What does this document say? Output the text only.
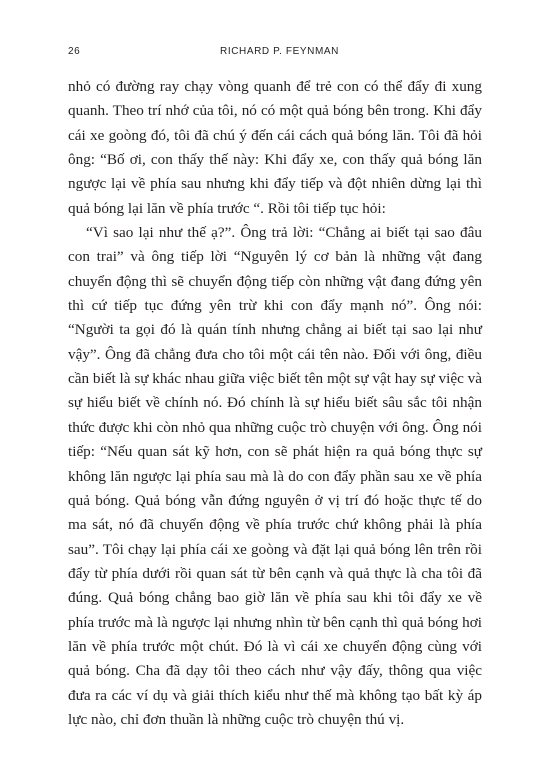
26	RICHARD P. FEYNMAN

nhỏ có đường ray chạy vòng quanh để trẻ con có thể đẩy đi xung quanh. Theo trí nhớ của tôi, nó có một quả bóng bên trong. Khi đẩy cái xe goòng đó, tôi đã chú ý đến cái cách quả bóng lăn. Tôi đã hỏi ông: “Bố ơi, con thấy thế này: Khi đẩy xe, con thấy quả bóng lăn ngược lại về phía sau nhưng khi đẩy tiếp và đột nhiên dừng lại thì quả bóng lại lăn về phía trước “. Rồi tôi tiếp tục hỏi:

“Vì sao lại như thế ạ?”. Ông trả lời: “Chẳng ai biết tại sao đâu con trai” và ông tiếp lời “Nguyên lý cơ bản là những vật đang chuyển động thì sẽ chuyển động tiếp còn những vật đang đứng yên thì cứ tiếp tục đứng yên trừ khi con đẩy mạnh nó”. Ông nói: “Người ta gọi đó là quán tính nhưng chẳng ai biết tại sao lại như vậy”. Ông đã chẳng đưa cho tôi một cái tên nào. Đối với ông, điều cần biết là sự khác nhau giữa việc biết tên một sự vật hay sự việc và sự hiểu biết về chính nó. Đó chính là sự hiểu biết sâu sắc tôi nhận thức được khi còn nhỏ qua những cuộc trò chuyện với ông. Ông nói tiếp: “Nếu quan sát kỹ hơn, con sẽ phát hiện ra quả bóng thực sự không lăn ngược lại phía sau mà là do con đẩy phần sau xe về phía quả bóng. Quả bóng vẫn đứng nguyên ở vị trí đó hoặc thực tế do ma sát, nó đã chuyển động về phía trước chứ không phải là phía sau”. Tôi chạy lại phía cái xe goòng và đặt lại quả bóng lên trên rồi đẩy từ phía dưới rồi quan sát từ bên cạnh và quả thực là cha tôi đã đúng. Quả bóng chẳng bao giờ lăn về phía sau khi tôi đẩy xe về phía trước mà là ngược lại nhưng nhìn từ bên cạnh thì quả bóng hơi lăn về phía trước một chút. Đó là vì cái xe chuyển động cùng với quả bóng. Cha đã dạy tôi theo cách như vậy đấy, thông qua việc đưa ra các ví dụ và giải thích kiểu như thế mà không tạo bất kỳ áp lực nào, chỉ đơn thuần là những cuộc trò chuyện thú vị.
